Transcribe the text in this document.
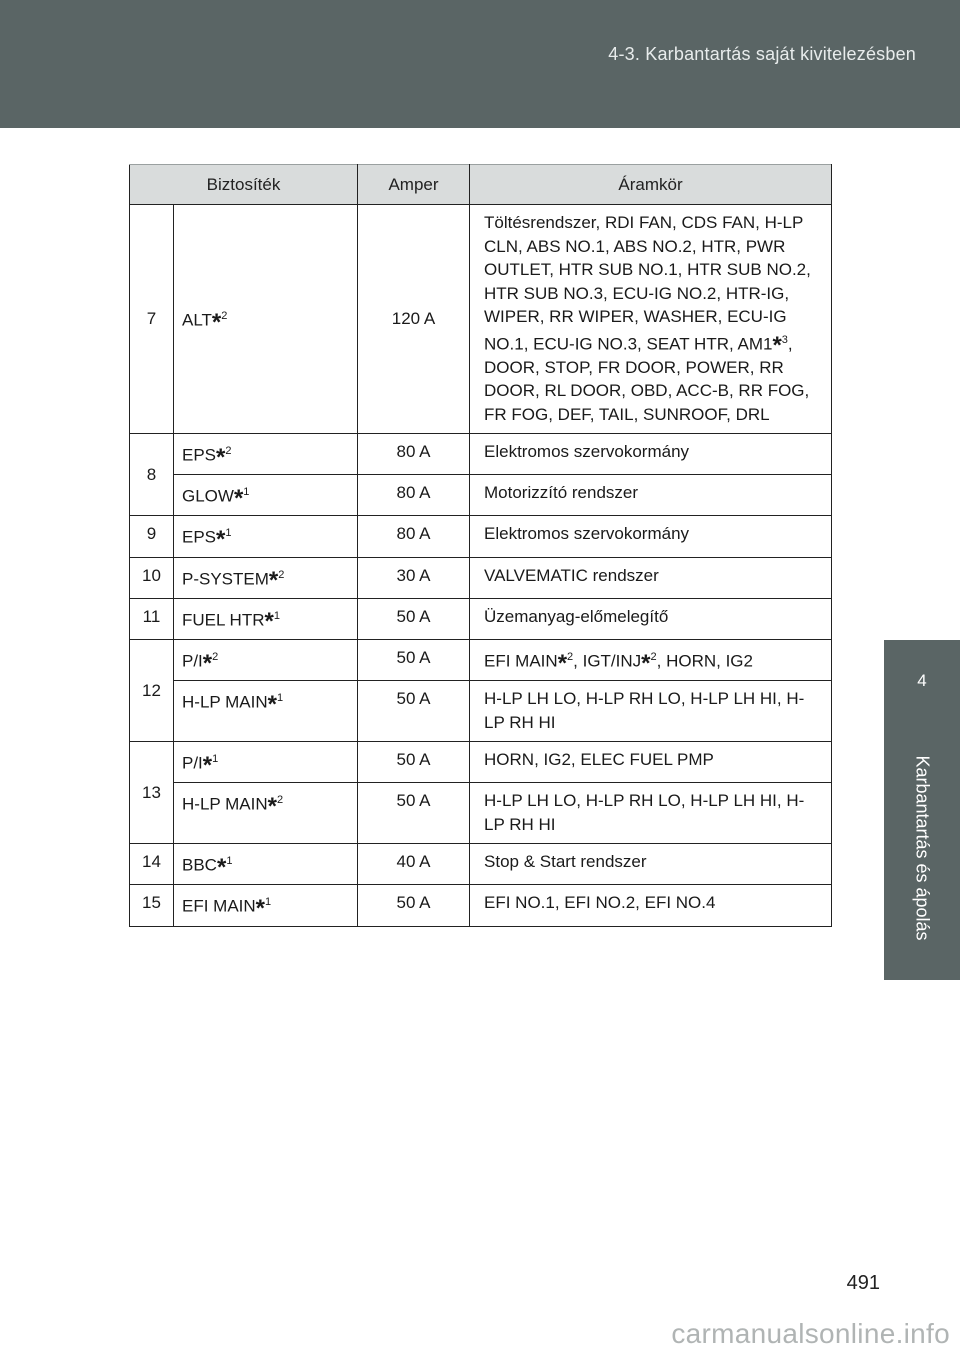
4-3. Karbantartás saját kivitelezésben
4
Karbantartás és ápolás
Biztosíték		Amper	Áramkör
7	ALT*$^2$	120 A	Töltésrendszer, RDI FAN, CDS FAN, H-LP CLN, ABS NO.1, ABS NO.2, HTR, PWR OUTLET, HTR SUB NO.1, HTR SUB NO.2, HTR SUB NO.3, ECU-IG NO.2, HTR-IG, WIPER, RR WIPER, WASHER, ECU-IG NO.1, ECU-IG NO.3, SEAT HTR, AM1*$^3$, DOOR, STOP, FR DOOR, POWER, RR DOOR, RL DOOR, OBD, ACC-B, RR FOG, FR FOG, DEF, TAIL, SUNROOF, DRL
8	EPS*$^2$	80 A	Elektromos szervokormány
	GLOW*$^1$	80 A	Motorizzító rendszer
9	EPS*$^1$	80 A	Elektromos szervokormány
10	P-SYSTEM*$^2$	30 A	VALVEMATIC rendszer
11	FUEL HTR*$^1$	50 A	Üzemanyag-előmelegítő
12	P/I*$^2$	50 A	EFI MAIN*$^2$, IGT/INJ*$^2$, HORN, IG2
	H-LP MAIN*$^1$	50 A	H-LP LH LO, H-LP RH LO, H-LP LH HI, H-LP RH HI
13	P/I*$^1$	50 A	HORN, IG2, ELEC FUEL PMP
	H-LP MAIN*$^2$	50 A	H-LP LH LO, H-LP RH LO, H-LP LH HI, H-LP RH HI
14	BBC*$^1$	40 A	Stop & Start rendszer
15	EFI MAIN*$^1$	50 A	EFI NO.1, EFI NO.2, EFI NO.4
491
carmanualsonline.info
